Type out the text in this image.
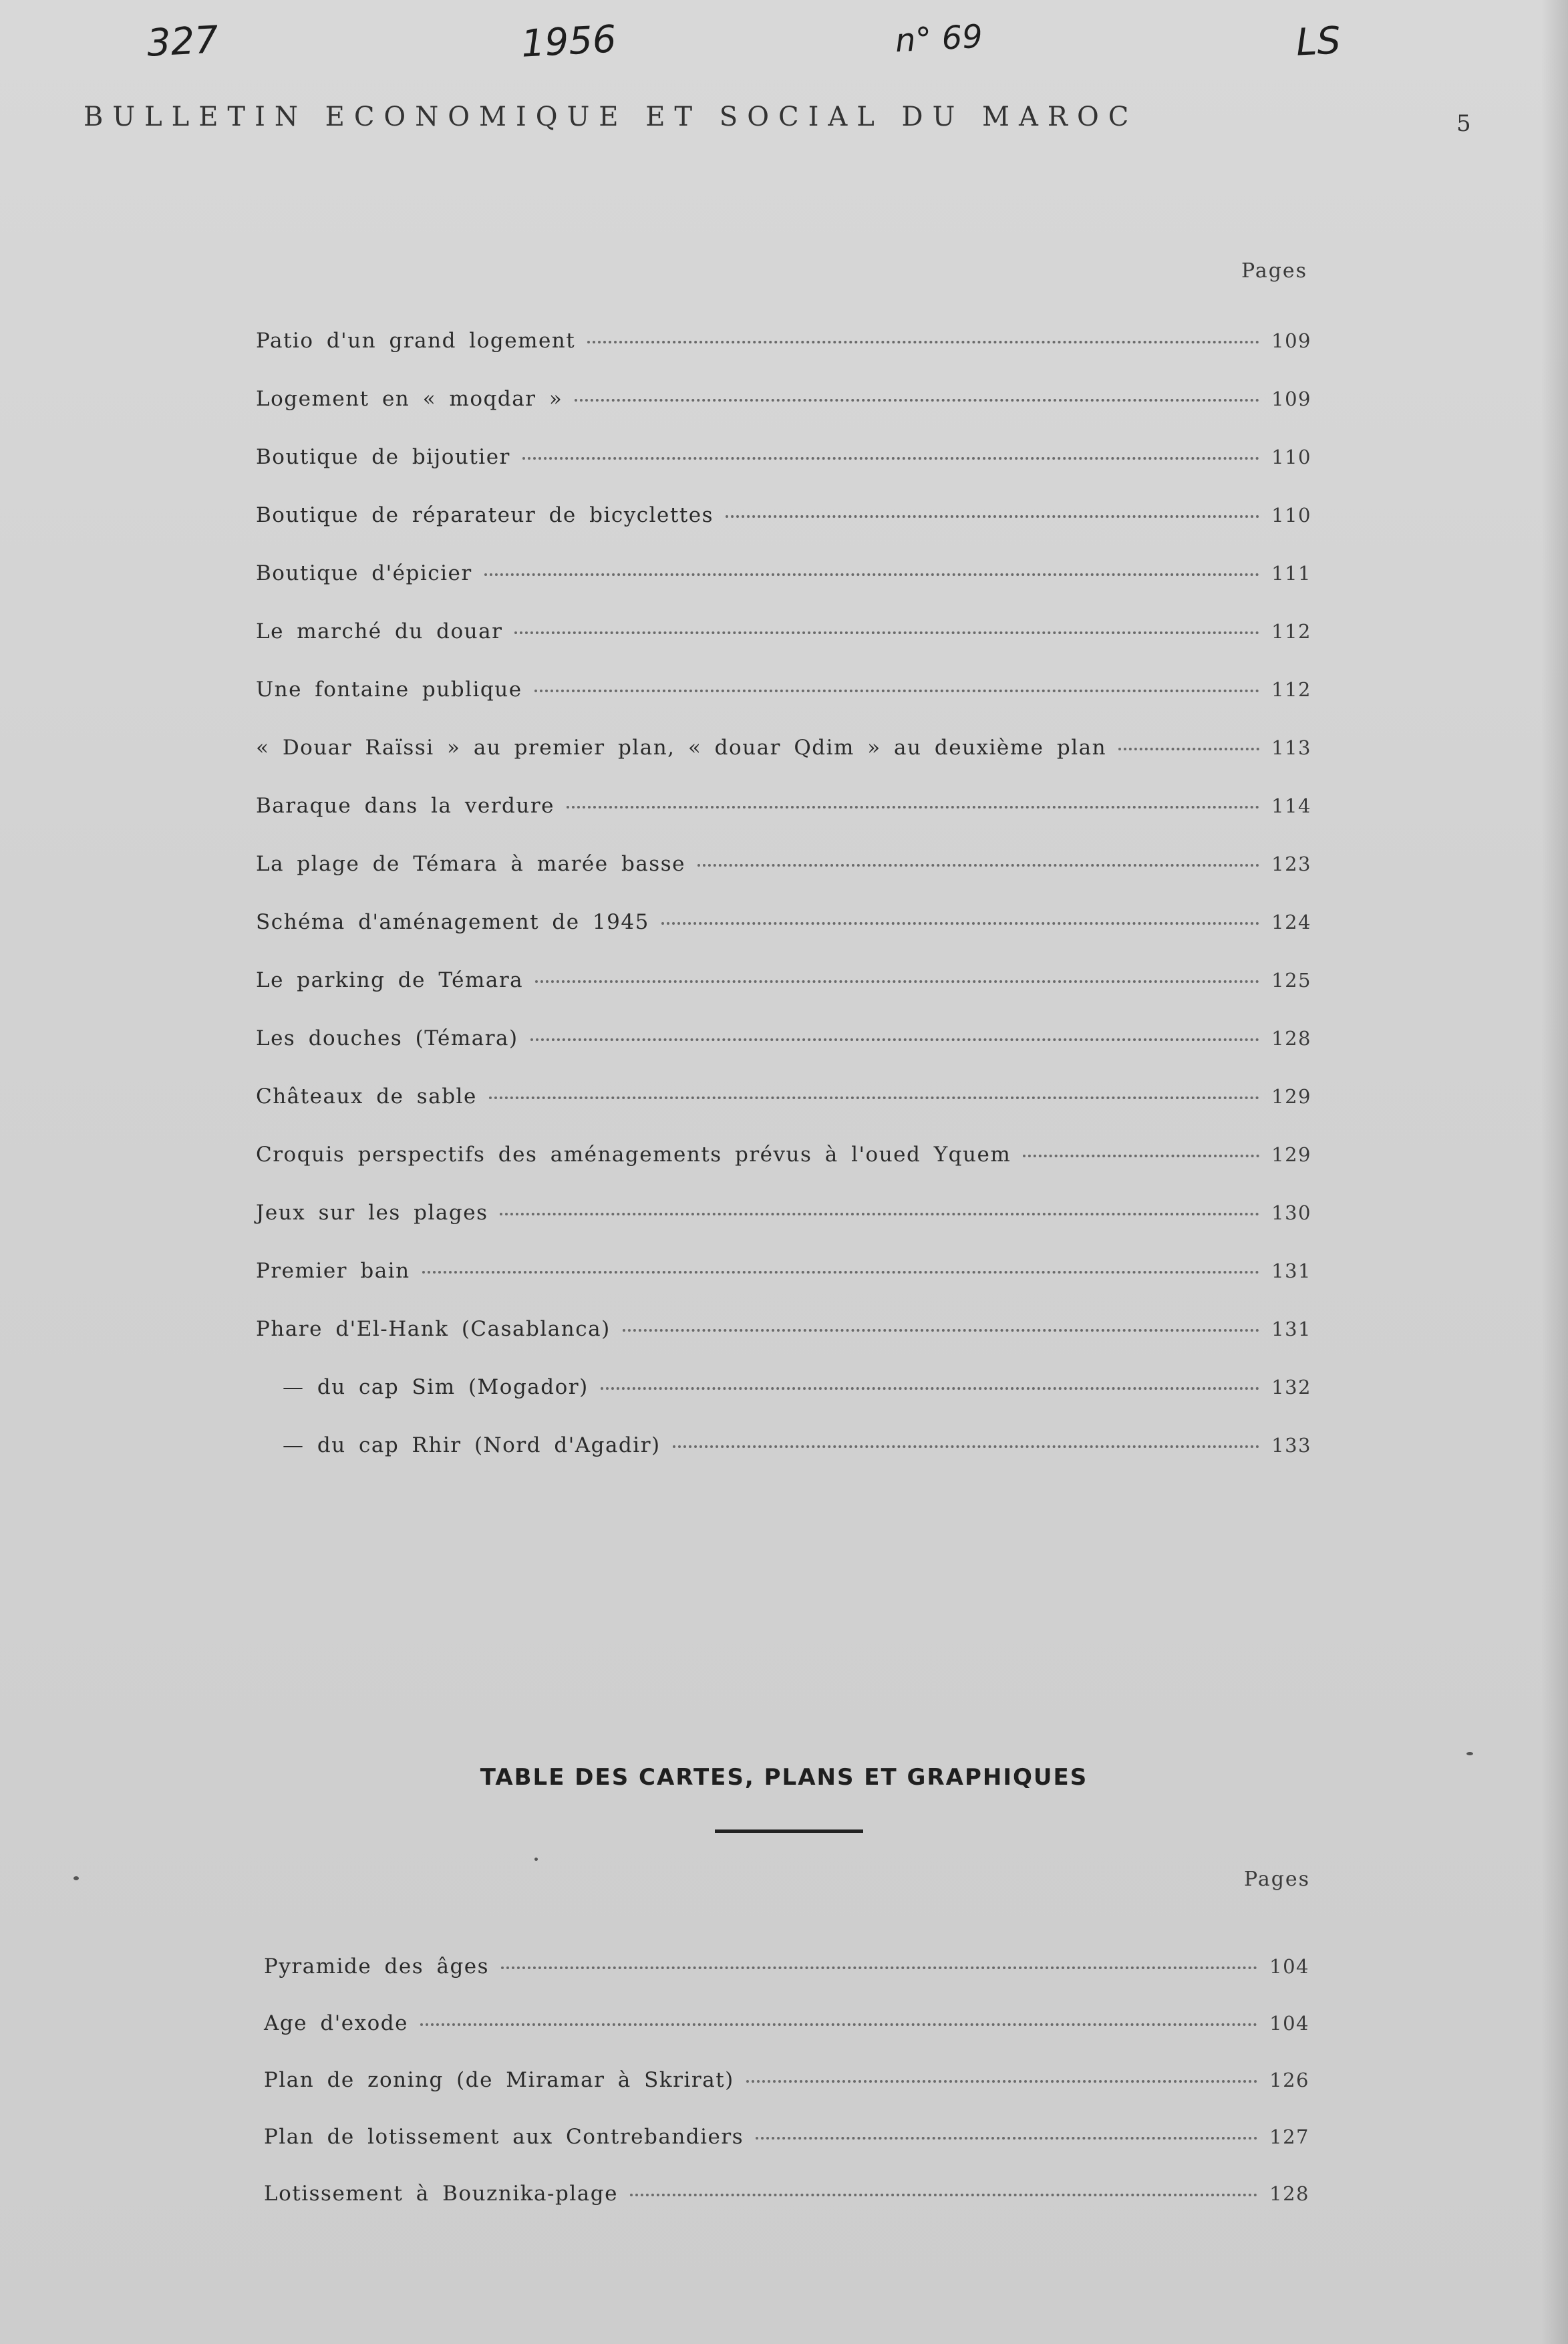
327	1956	n° 69	LS
BULLETIN ECONOMIQUE ET SOCIAL DU MAROC	5
Pages
Patio d'un grand logement	109
Logement en « moqdar »	109
Boutique de bijoutier	110
Boutique de réparateur de bicyclettes	110
Boutique d'épicier	111
Le marché du douar	112
Une fontaine publique	112
« Douar Raïssi » au premier plan, « douar Qdim » au deuxième plan	113
Baraque dans la verdure	114
La plage de Témara à marée basse	123
Schéma d'aménagement de 1945	124
Le parking de Témara	125
Les douches (Témara)	128
Châteaux de sable	129
Croquis perspectifs des aménagements prévus à l'oued Yquem	129
Jeux sur les plages	130
Premier bain	131
Phare d'El-Hank (Casablanca)	131
— du cap Sim (Mogador)	132
— du cap Rhir (Nord d'Agadir)	133
TABLE DES CARTES, PLANS ET GRAPHIQUES
Pages
Pyramide des âges	104
Age d'exode	104
Plan de zoning (de Miramar à Skrirat)	126
Plan de lotissement aux Contrebandiers	127
Lotissement à Bouznika-plage	128
